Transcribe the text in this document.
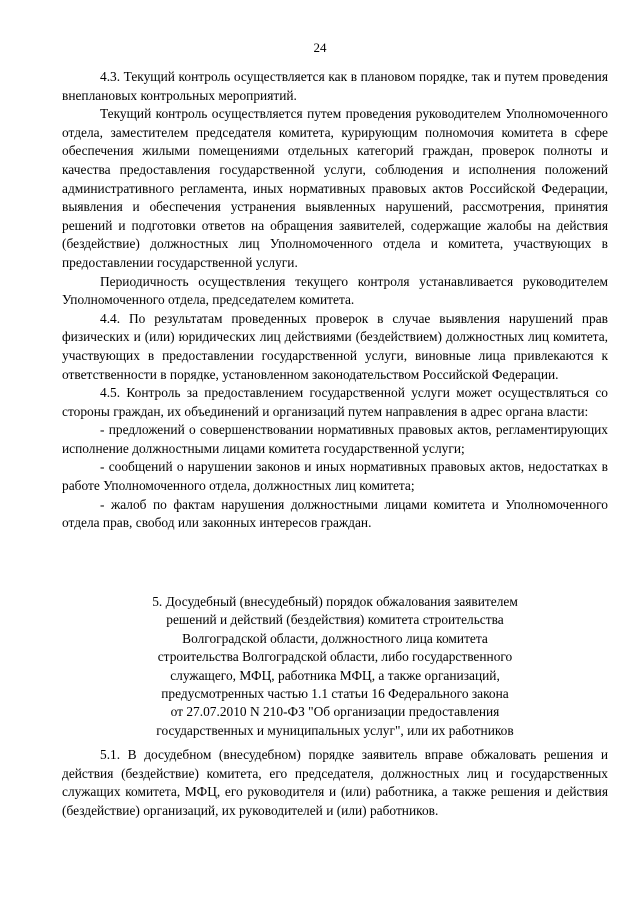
24

4.3. Текущий контроль осуществляется как в плановом порядке, так и путем проведения внеплановых контрольных мероприятий.

Текущий контроль осуществляется путем проведения руководителем Уполномоченного отдела, заместителем председателя комитета, курирующим полномочия комитета в сфере обеспечения жилыми помещениями отдельных категорий граждан, проверок полноты и качества предоставления государственной услуги, соблюдения и исполнения положений административного регламента, иных нормативных правовых актов Российской Федерации, выявления и обеспечения устранения выявленных нарушений, рассмотрения, принятия решений и подготовки ответов на обращения заявителей, содержащие жалобы на действия (бездействие) должностных лиц Уполномоченного отдела и комитета, участвующих в предоставлении государственной услуги.

Периодичность осуществления текущего контроля устанавливается руководителем Уполномоченного отдела, председателем комитета.

4.4. По результатам проведенных проверок в случае выявления нарушений прав физических и (или) юридических лиц действиями (бездействием) должностных лиц комитета, участвующих в предоставлении государственной услуги, виновные лица привлекаются к ответственности в порядке, установленном законодательством Российской Федерации.

4.5. Контроль за предоставлением государственной услуги может осуществляться со стороны граждан, их объединений и организаций путем направления в адрес органа власти:

- предложений о совершенствовании нормативных правовых актов, регламентирующих исполнение должностными лицами комитета государственной услуги;

- сообщений о нарушении законов и иных нормативных правовых актов, недостатках в работе Уполномоченного отдела, должностных лиц комитета;

- жалоб по фактам нарушения должностными лицами комитета и Уполномоченного отдела прав, свобод или законных интересов граждан.

5. Досудебный (внесудебный) порядок обжалования заявителем
решений и действий (бездействия) комитета строительства
Волгоградской области, должностного лица комитета
строительства Волгоградской области, либо государственного
служащего, МФЦ, работника МФЦ, а также организаций,
предусмотренных частью 1.1 статьи 16 Федерального закона
от 27.07.2010 N 210-ФЗ "Об организации предоставления
государственных и муниципальных услуг", или их работников

5.1. В досудебном (внесудебном) порядке заявитель вправе обжаловать решения и действия (бездействие) комитета, его председателя, должностных лиц и государственных служащих комитета, МФЦ, его руководителя и (или) работника, а также решения и действия (бездействие) организаций, их руководителей и (или) работников.
